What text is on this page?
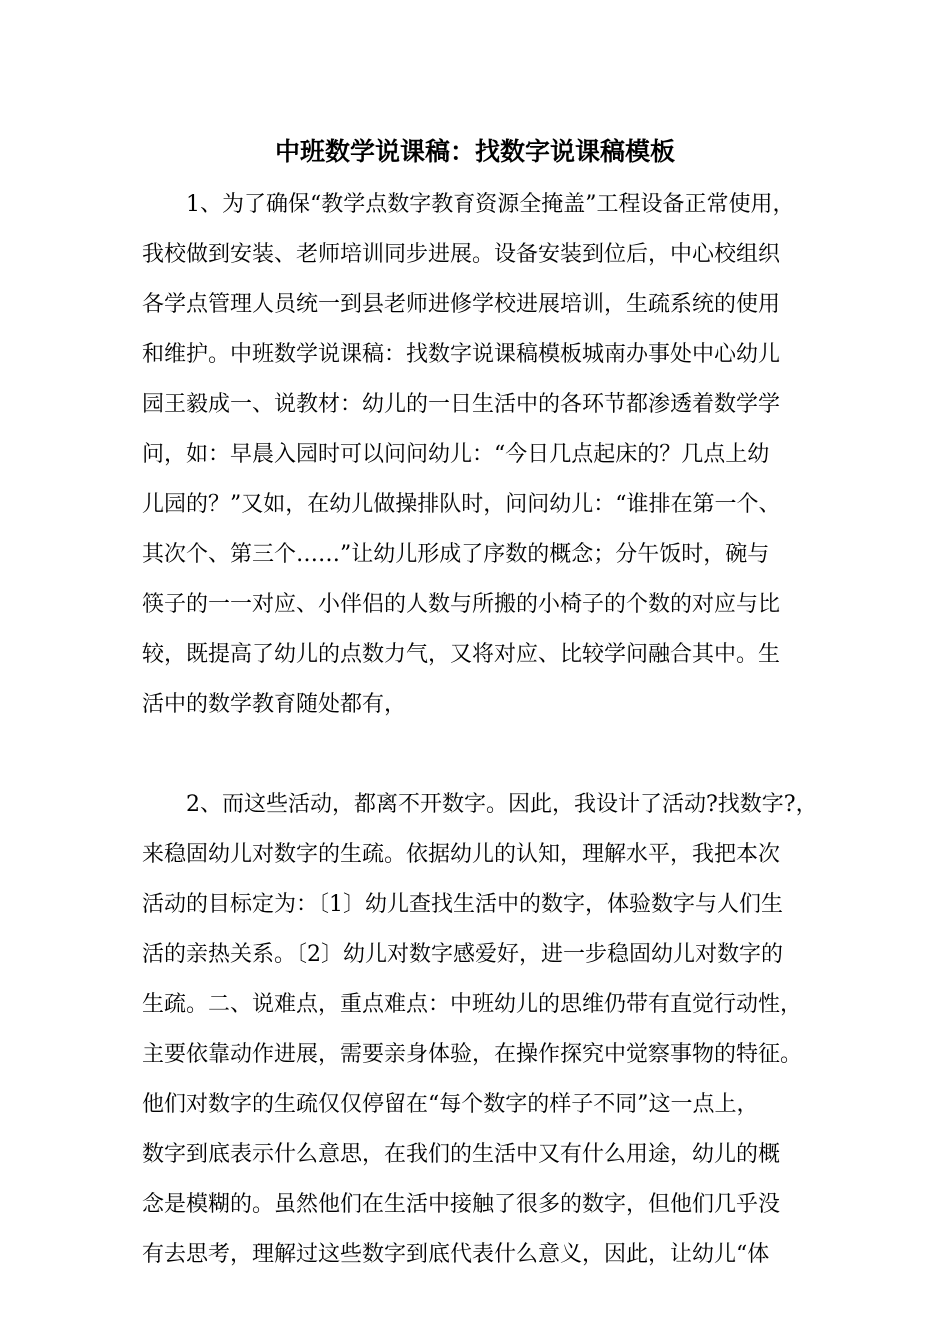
中班数学说课稿：找数字说课稿模板
　　1、为了确保“教学点数字教育资源全掩盖”工程设备正常使用，
我校做到安装、老师培训同步进展。设备安装到位后，中心校组织
各学点管理人员统一到县老师进修学校进展培训，生疏系统的使用
和维护。中班数学说课稿：找数字说课稿模板城南办事处中心幼儿
园王毅成一、说教材：幼儿的一日生活中的各环节都渗透着数学学
问，如：早晨入园时可以问问幼儿：“今日几点起床的？几点上幼
儿园的？”又如，在幼儿做操排队时，问问幼儿：“谁排在第一个、
其次个、第三个……”让幼儿形成了序数的概念；分午饭时，碗与
筷子的一一对应、小伴侣的人数与所搬的小椅子的个数的对应与比
较，既提高了幼儿的点数力气，又将对应、比较学问融合其中。生
活中的数学教育随处都有，
　　2、而这些活动，都离不开数字。因此，我设计了活动?找数字?，
来稳固幼儿对数字的生疏。依据幼儿的认知，理解水平，我把本次
活动的目标定为：〔1〕幼儿查找生活中的数字，体验数字与人们生
活的亲热关系。〔2〕幼儿对数字感爱好，进一步稳固幼儿对数字的
生疏。二、说难点，重点难点：中班幼儿的思维仍带有直觉行动性，
主要依靠动作进展，需要亲身体验，在操作探究中觉察事物的特征。
他们对数字的生疏仅仅停留在“每个数字的样子不同”这一点上，
数字到底表示什么意思，在我们的生活中又有什么用途，幼儿的概
念是模糊的。虽然他们在生活中接触了很多的数字，但他们几乎没
有去思考，理解过这些数字到底代表什么意义，因此，让幼儿“体
